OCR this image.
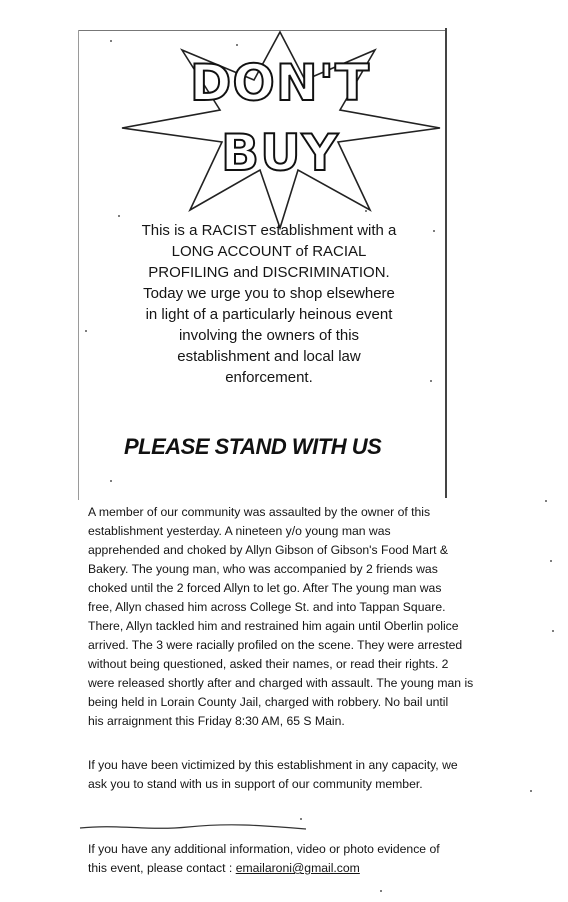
DON'T
BUY
This is a RACIST establishment with a
LONG ACCOUNT of RACIAL
PROFILING and DISCRIMINATION.
Today we urge you to shop elsewhere
in light of a particularly heinous event
involving the owners of this
establishment and local law
enforcement.
PLEASE STAND WITH US
A member of our community was assaulted by the owner of this
establishment yesterday. A nineteen y/o young man was
apprehended and choked by Allyn Gibson of Gibson's Food Mart &
Bakery. The young man, who was accompanied by 2 friends was
choked until the 2 forced Allyn to let go. After The young man was
free, Allyn chased him across College St. and into Tappan Square.
There, Allyn tackled him and restrained him again until Oberlin police
arrived. The 3 were racially profiled on the scene. They were arrested
without being questioned, asked their names, or read their rights. 2
were released shortly after and charged with assault. The young man is
being held in Lorain County Jail, charged with robbery. No bail until
his arraignment this Friday 8:30 AM, 65 S Main.
If you have been victimized by this establishment in any capacity, we
ask you to stand with us in support of our community member.
If you have any additional information, video or photo evidence of
this event, please contact : emailaroni@gmail.com
